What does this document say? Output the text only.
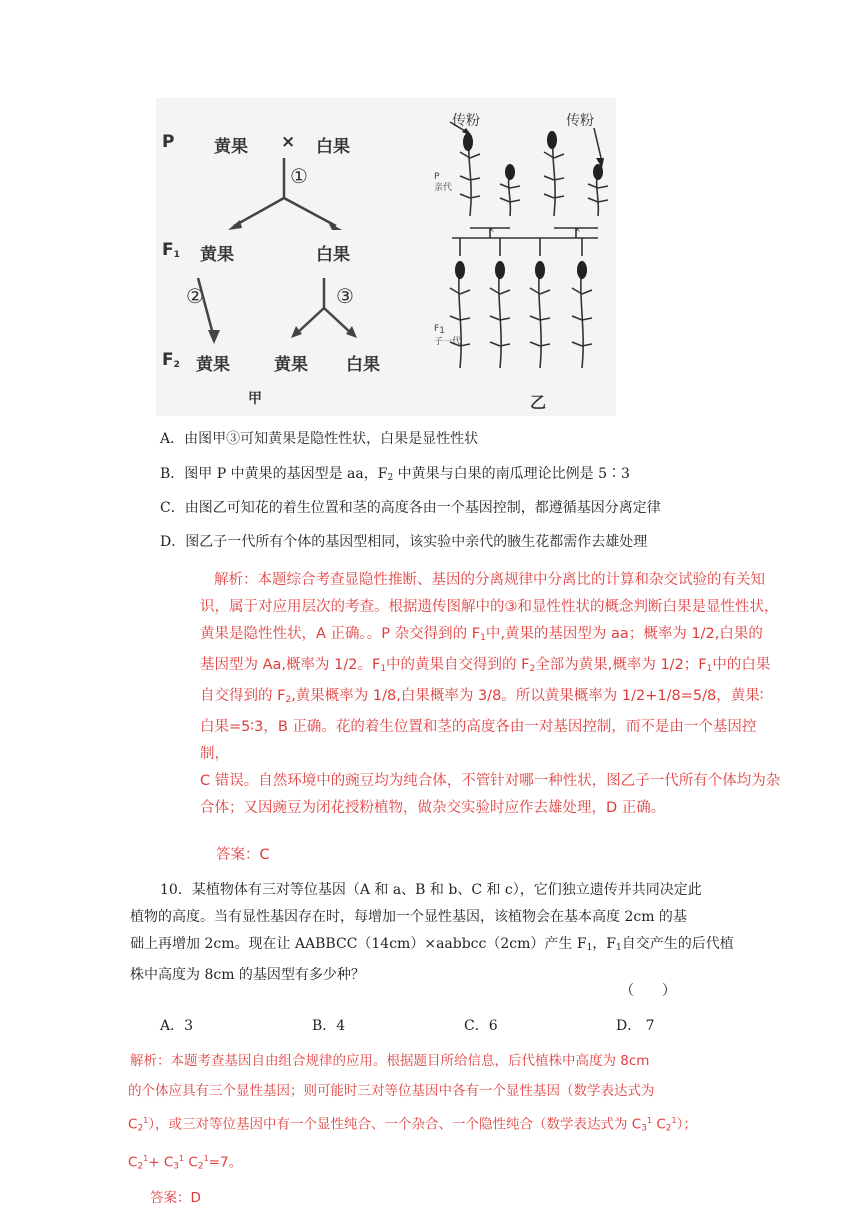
P 黄果 × 白果
①
$F_1$ 黄果	白果
②	③
$F_2$ 黄果	黄果 白果
甲
传粉	传粉
P
亲代
$F_1$
子一代
乙
×	×
A．由图甲③可知黄果是隐性性状，白果是显性性状
B．图甲 P 中黄果的基因型是 aa，$F_2$ 中黄果与白果的南瓜理论比例是 5∶3
C．由图乙可知花的着生位置和茎的高度各由一个基因控制，都遵循基因分离定律
D．图乙子一代所有个体的基因型相同，该实验中亲代的腋生花都需作去雄处理
解析：本题综合考查显隐性推断、基因的分离规律中分离比的计算和杂交试验的有关知
识，属于对应用层次的考查。根据遗传图解中的③和显性性状的概念判断白果是显性性状，
黄果是隐性性状，A 正确。。P 杂交得到的 $F_1$中,黄果的基因型为 aa；概率为 1/2,白果的
基因型为 Aa,概率为 1/2。$F_1$中的黄果自交得到的 $F_2$全部为黄果,概率为 1/2；$F_1$中的白果
自交得到的 $F_2$,黄果概率为 1/8,白果概率为 3/8。所以黄果概率为 1/2+1/8=5/8，黄果∶
白果=5∶3，B 正确。花的着生位置和茎的高度各由一对基因控制，而不是由一个基因控制，
C 错误。自然环境中的豌豆均为纯合体，不管针对哪一种性状，图乙子一代所有个体均为杂
合体；又因豌豆为闭花授粉植物，做杂交实验时应作去雄处理，D 正确。
答案：C
10．某植物体有三对等位基因（A 和 a、B 和 b、C 和 c），它们独立遗传并共同决定此
植物的高度。当有显性基因存在时，每增加一个显性基因，该植物会在基本高度 2cm 的基
础上再增加 2cm。现在让 AABBCC（14cm）×aabbcc（2cm）产生 $F_1$，$F_1$自交产生的后代植
株中高度为 8cm 的基因型有多少种？
（　　）
A．3	B．4	C．6	D． 7
解析：本题考查基因自由组合规律的应用。根据题目所给信息，后代植株中高度为 8cm
的个体应具有三个显性基因；则可能时三对等位基因中各有一个显性基因（数学表达式为
$C_2^1$），或三对等位基因中有一个显性纯合、一个杂合、一个隐性纯合（数学表达式为 $C_3^1$ $C_2^1$）；
$C_2^1+ C_3^1$ $C_2^1=7$。
答案：D
